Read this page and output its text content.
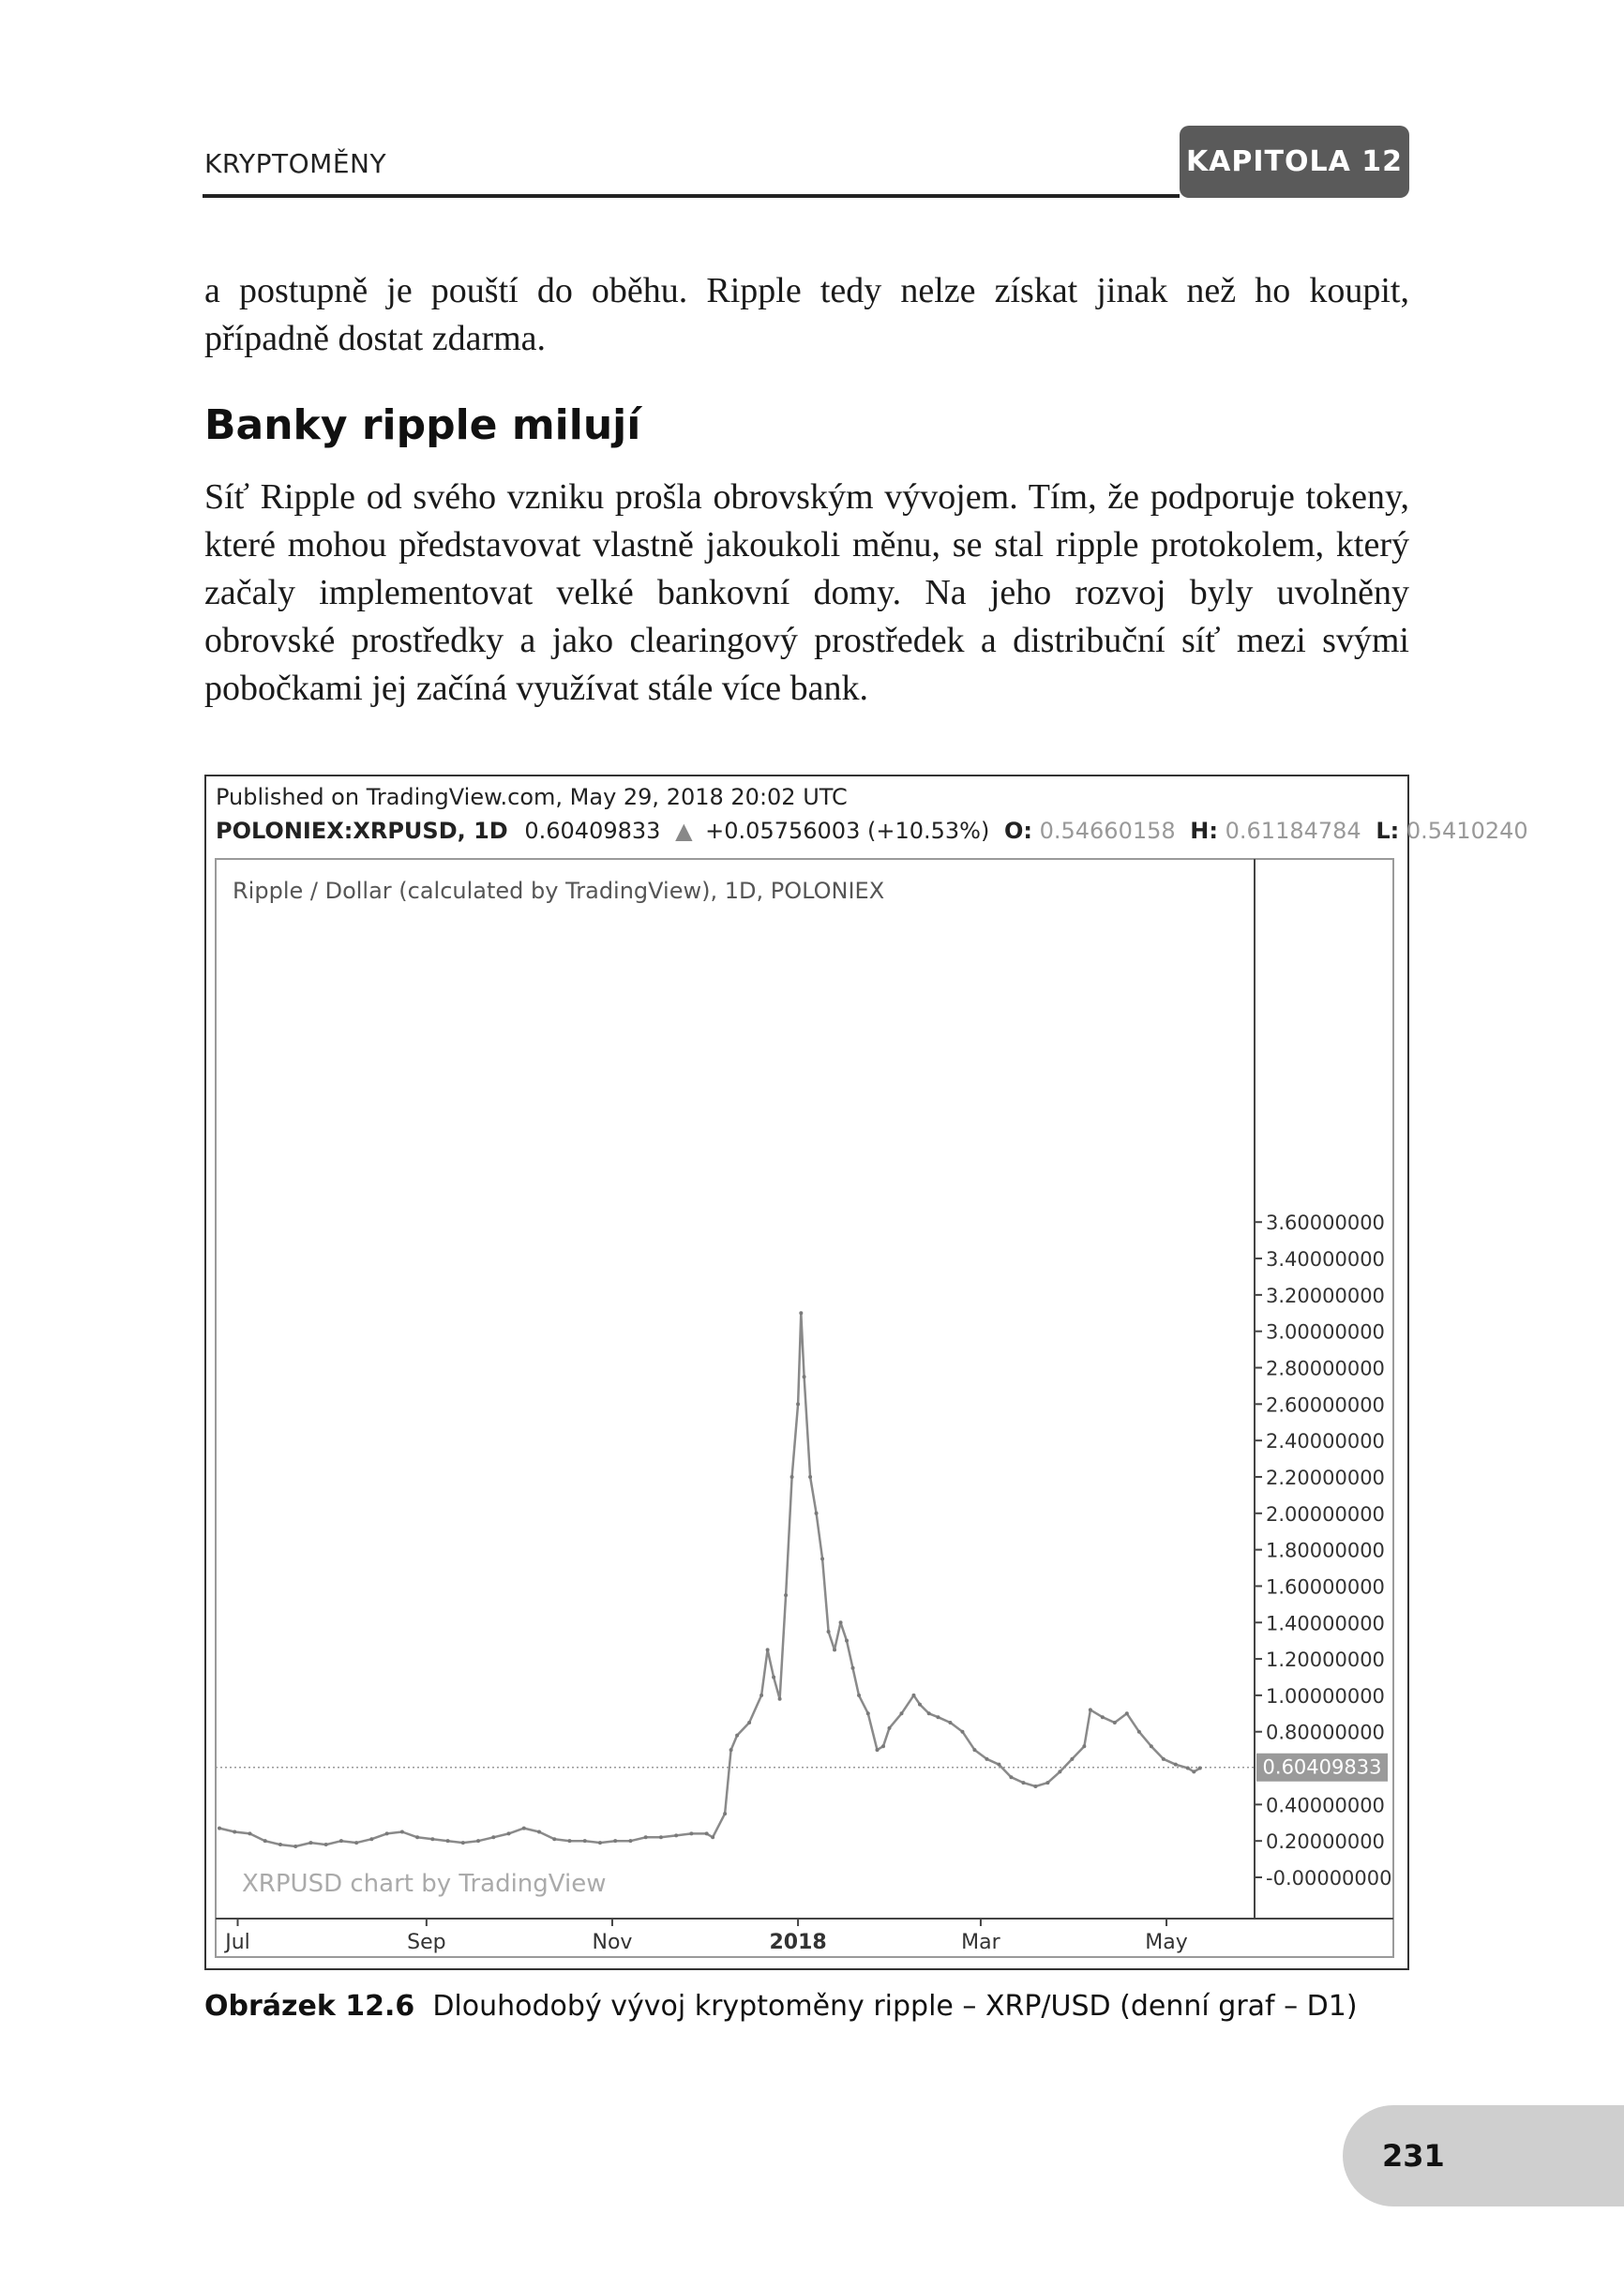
KRYPTOMĚNY	KAPITOLA 12

a postupně je pouští do oběhu. Ripple tedy nelze získat jinak než ho koupit, případně dostat zdarma.

Banky ripple milují

Síť Ripple od svého vzniku prošla obrovským vývojem. Tím, že podporuje tokeny, které mohou představovat vlastně jakoukoli měnu, se stal ripple protokolem, který začaly implementovat velké bankovní domy. Na jeho rozvoj byly uvolněny obrovské prostředky a jako clearingový prostředek a distribuční síť mezi svými pobočkami jej začíná využívat stále více bank.

Published on TradingView.com, May 29, 2018 20:02 UTC
POLONIEX:XRPUSD, 1D 0.60409833 ▲ +0.05756003 (+10.53%) O: 0.54660158 H: 0.61184784 L: 0.5410240
Ripple / Dollar (calculated by TradingView), 1D, POLONIEX
XRPUSD chart by TradingView
3.60000000
3.40000000
3.20000000
3.00000000
2.80000000
2.60000000
2.40000000
2.20000000
2.00000000
1.80000000
1.60000000
1.40000000
1.20000000
1.00000000
0.80000000
0.40000000
0.20000000
-0.00000000
Jul	Sep	Nov	2018	Mar	May
0.60409833
Obrázek 12.6 Dlouhodobý vývoj kryptoměny ripple – XRP/USD (denní graf – D1)
231
